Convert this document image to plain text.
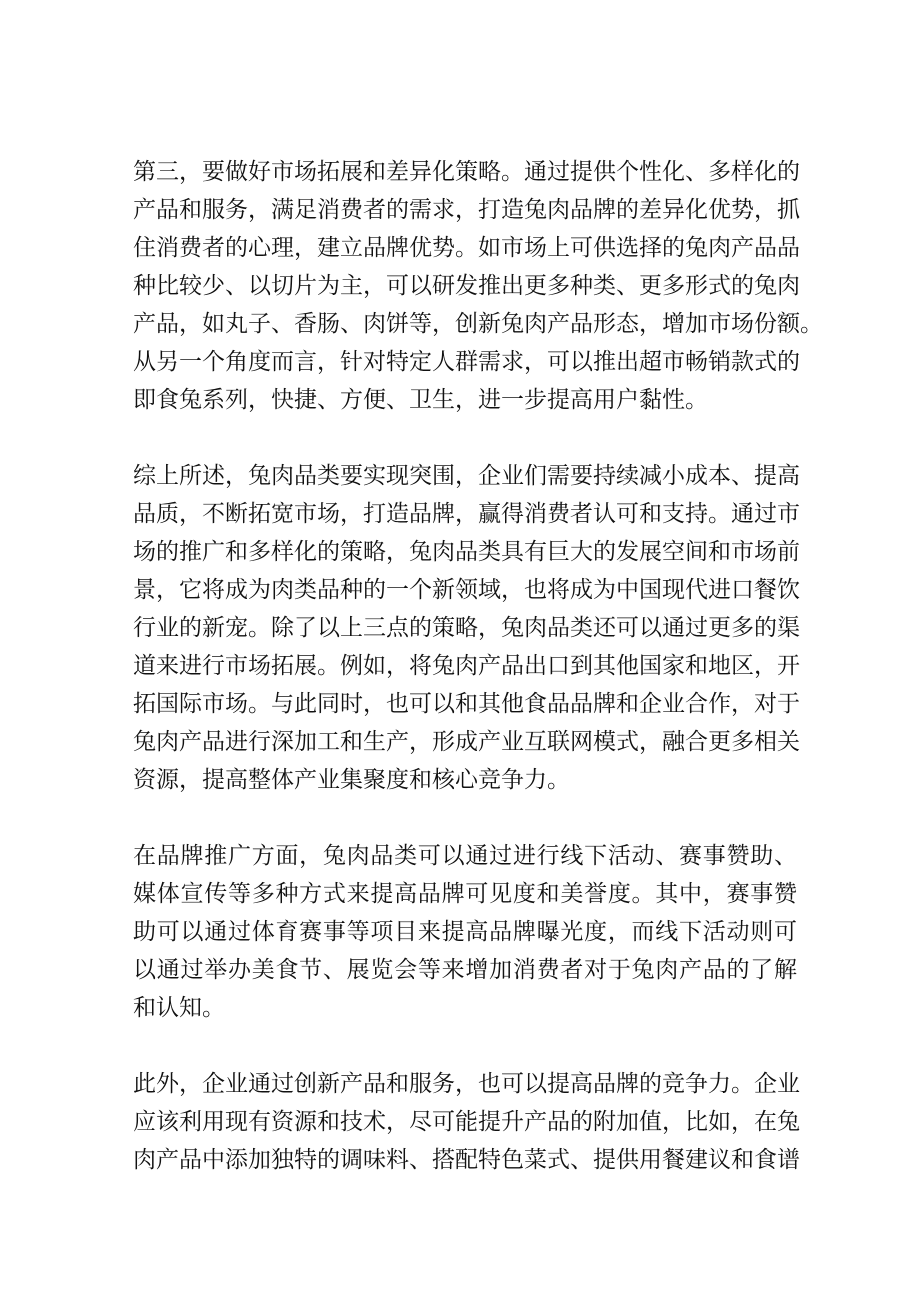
第三，要做好市场拓展和差异化策略。通过提供个性化、多样化的
产品和服务，满足消费者的需求，打造兔肉品牌的差异化优势，抓
住消费者的心理，建立品牌优势。如市场上可供选择的兔肉产品品
种比较少、以切片为主，可以研发推出更多种类、更多形式的兔肉
产品，如丸子、香肠、肉饼等，创新兔肉产品形态，增加市场份额。
从另一个角度而言，针对特定人群需求，可以推出超市畅销款式的
即食兔系列，快捷、方便、卫生，进一步提高用户黏性。
综上所述，兔肉品类要实现突围，企业们需要持续减小成本、提高
品质，不断拓宽市场，打造品牌，赢得消费者认可和支持。通过市
场的推广和多样化的策略，兔肉品类具有巨大的发展空间和市场前
景，它将成为肉类品种的一个新领域，也将成为中国现代进口餐饮
行业的新宠。除了以上三点的策略，兔肉品类还可以通过更多的渠
道来进行市场拓展。例如，将兔肉产品出口到其他国家和地区，开
拓国际市场。与此同时，也可以和其他食品品牌和企业合作，对于
兔肉产品进行深加工和生产，形成产业互联网模式，融合更多相关
资源，提高整体产业集聚度和核心竞争力。
在品牌推广方面，兔肉品类可以通过进行线下活动、赛事赞助、
媒体宣传等多种方式来提高品牌可见度和美誉度。其中，赛事赞
助可以通过体育赛事等项目来提高品牌曝光度，而线下活动则可
以通过举办美食节、展览会等来增加消费者对于兔肉产品的了解
和认知。
此外，企业通过创新产品和服务，也可以提高品牌的竞争力。企业
应该利用现有资源和技术，尽可能提升产品的附加值，比如，在兔
肉产品中添加独特的调味料、搭配特色菜式、提供用餐建议和食谱
